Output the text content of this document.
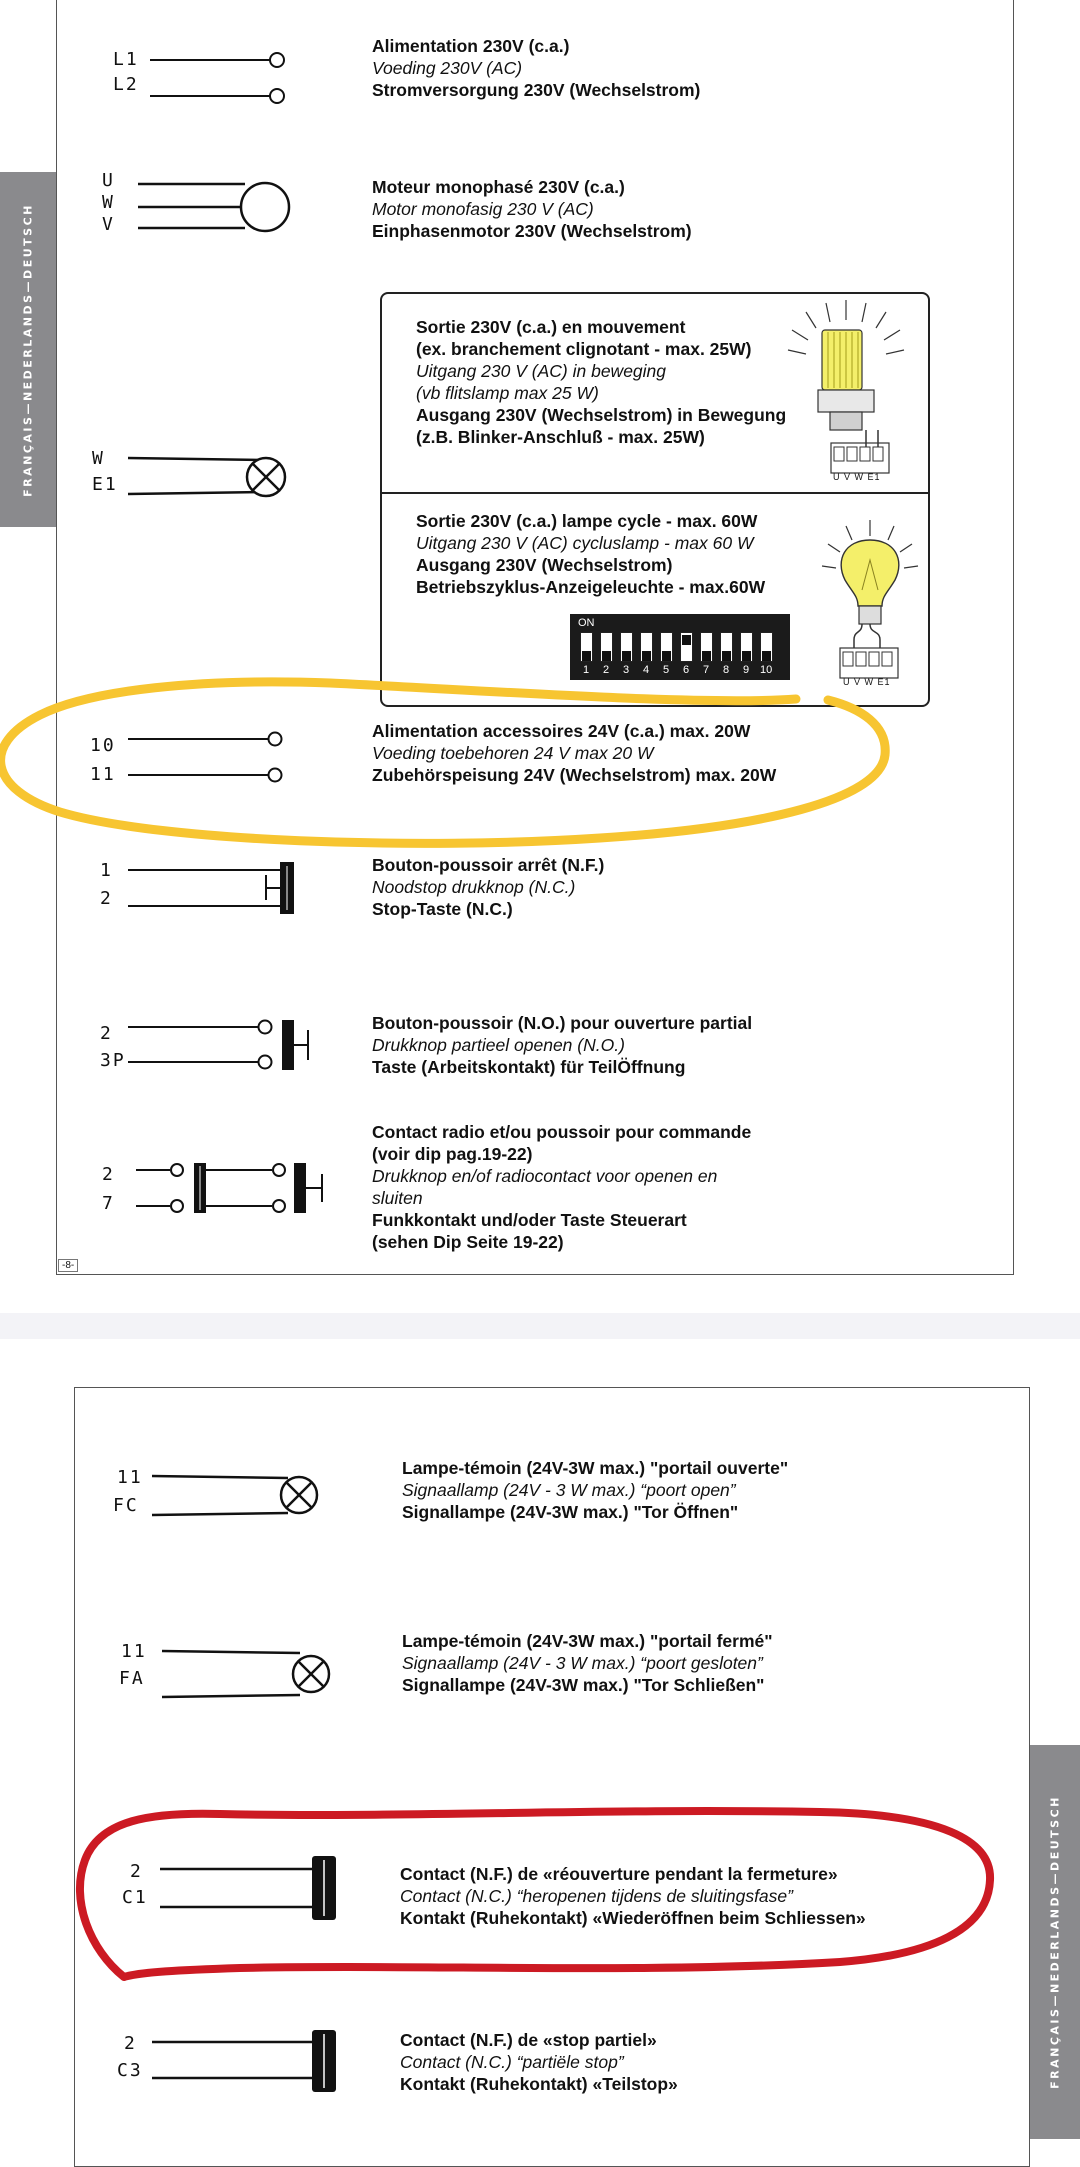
FRANÇAIS—NEDERLANDS—DEUTSCH
L1
L2
Alimentation 230V (c.a.)
Voeding 230V (AC)
Stromversorgung 230V (Wechselstrom)
U
W
V
Moteur monophasé 230V (c.a.)
Motor monofasig 230 V (AC)
Einphasenmotor 230V (Wechselstrom)
W
E1
Sortie 230V (c.a.) en mouvement
(ex. branchement clignotant - max. 25W)
Uitgang 230 V (AC) in beweging
(vb flitslamp max 25 W)
Ausgang 230V (Wechselstrom) in Bewegung
(z.B. Blinker-Anschluß - max. 25W)
U V W E1
Sortie 230V (c.a.) lampe cycle - max. 60W
Uitgang 230 V (AC) cycluslamp - max 60 W
Ausgang 230V (Wechselstrom)
Betriebszyklus-Anzeigeleuchte - max.60W
ON
1 2 3 4 5 6 7 8 9 10
U V W E1
10
11
Alimentation accessoires 24V (c.a.) max. 20W
Voeding toebehoren 24 V max 20 W
Zubehörspeisung 24V (Wechselstrom) max. 20W
1
2
Bouton-poussoir arrêt (N.F.)
Noodstop drukknop (N.C.)
Stop-Taste (N.C.)
2
3P
Bouton-poussoir (N.O.) pour ouverture partial
Drukknop partieel openen (N.O.)
Taste (Arbeitskontakt) für TeilÖffnung
2
7
Contact radio et/ou poussoir pour commande
(voir dip pag.19-22)
Drukknop en/of radiocontact voor openen en
sluiten
Funkkontakt und/oder Taste Steuerart
(sehen Dip Seite 19-22)
-8-
FRANÇAIS—NEDERLANDS—DEUTSCH
11
FC
Lampe-témoin (24V-3W max.) "portail ouverte"
Signaallamp (24V - 3 W max.) “poort open”
Signallampe (24V-3W max.) "Tor Öffnen"
11
FA
Lampe-témoin (24V-3W max.) "portail fermé"
Signaallamp (24V - 3 W max.) “poort gesloten”
Signallampe (24V-3W max.) "Tor Schließen"
2
C1
Contact (N.F.) de «réouverture pendant la fermeture»
Contact (N.C.) “heropenen tijdens de sluitingsfase”
Kontakt (Ruhekontakt) «Wiederöffnen beim Schliessen»
2
C3
Contact (N.F.) de «stop partiel»
Contact (N.C.) “partiële stop”
Kontakt (Ruhekontakt) «Teilstop»
